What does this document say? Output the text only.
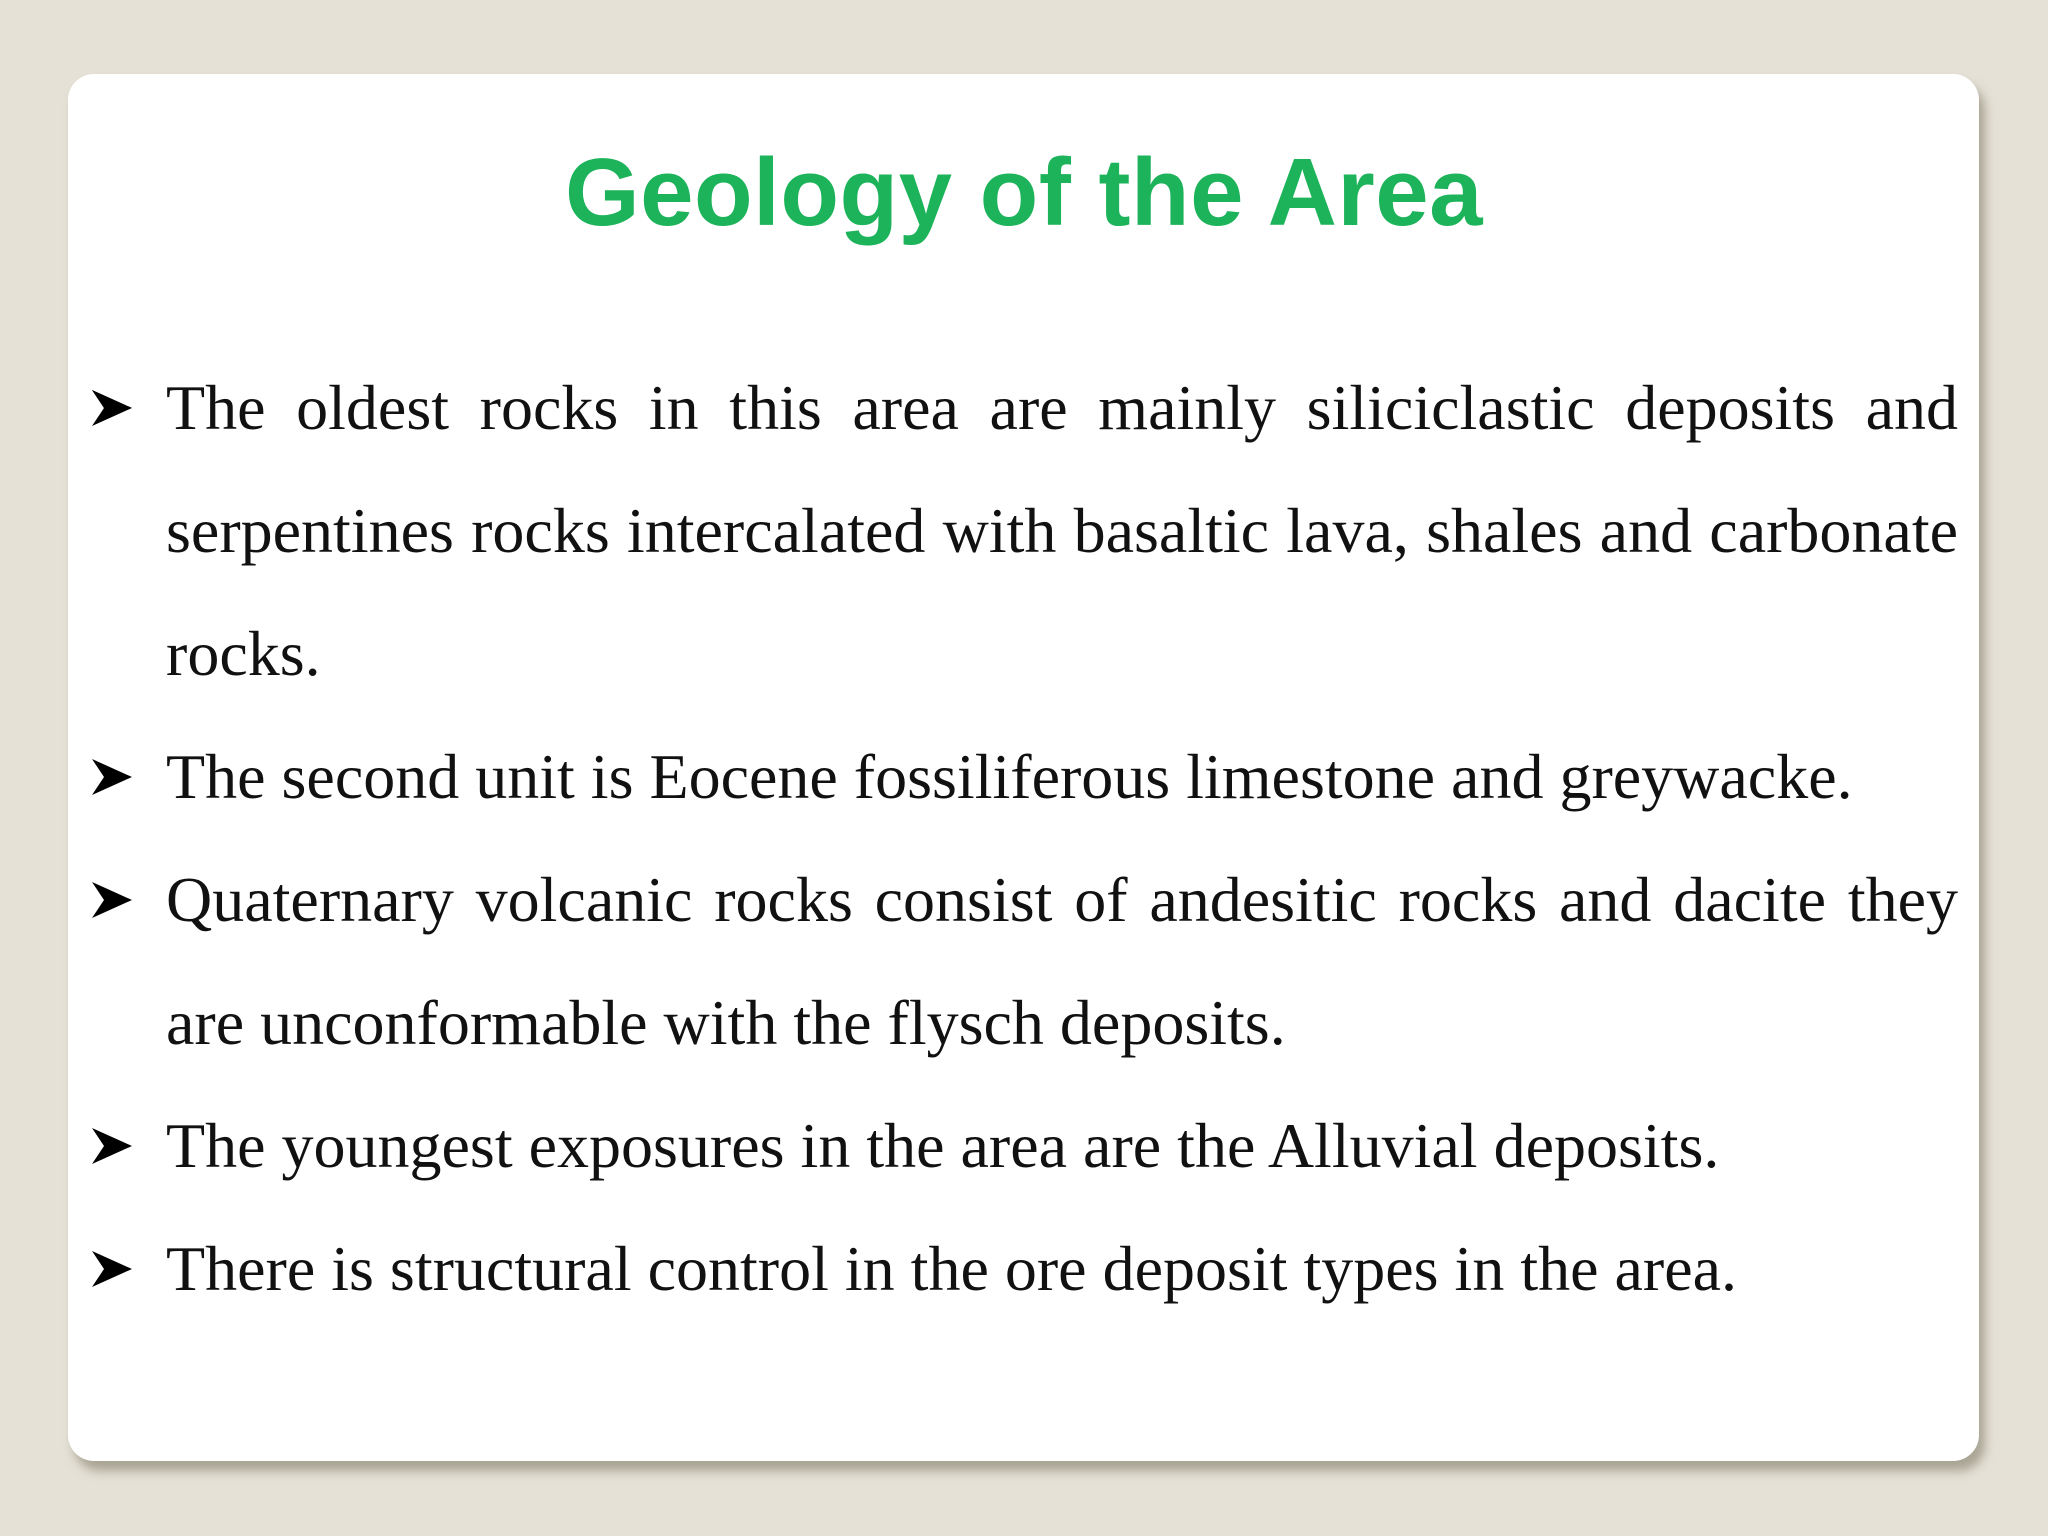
Geology of the Area
The oldest rocks in this area are mainly siliciclastic deposits and serpentines rocks intercalated with basaltic lava, shales and carbonate rocks.
The second unit is Eocene fossiliferous limestone and greywacke.
Quaternary volcanic rocks consist of andesitic rocks and dacite they are unconformable with the flysch deposits.
The youngest exposures in the area are the Alluvial deposits.
There is structural control in the ore deposit types in the area.
